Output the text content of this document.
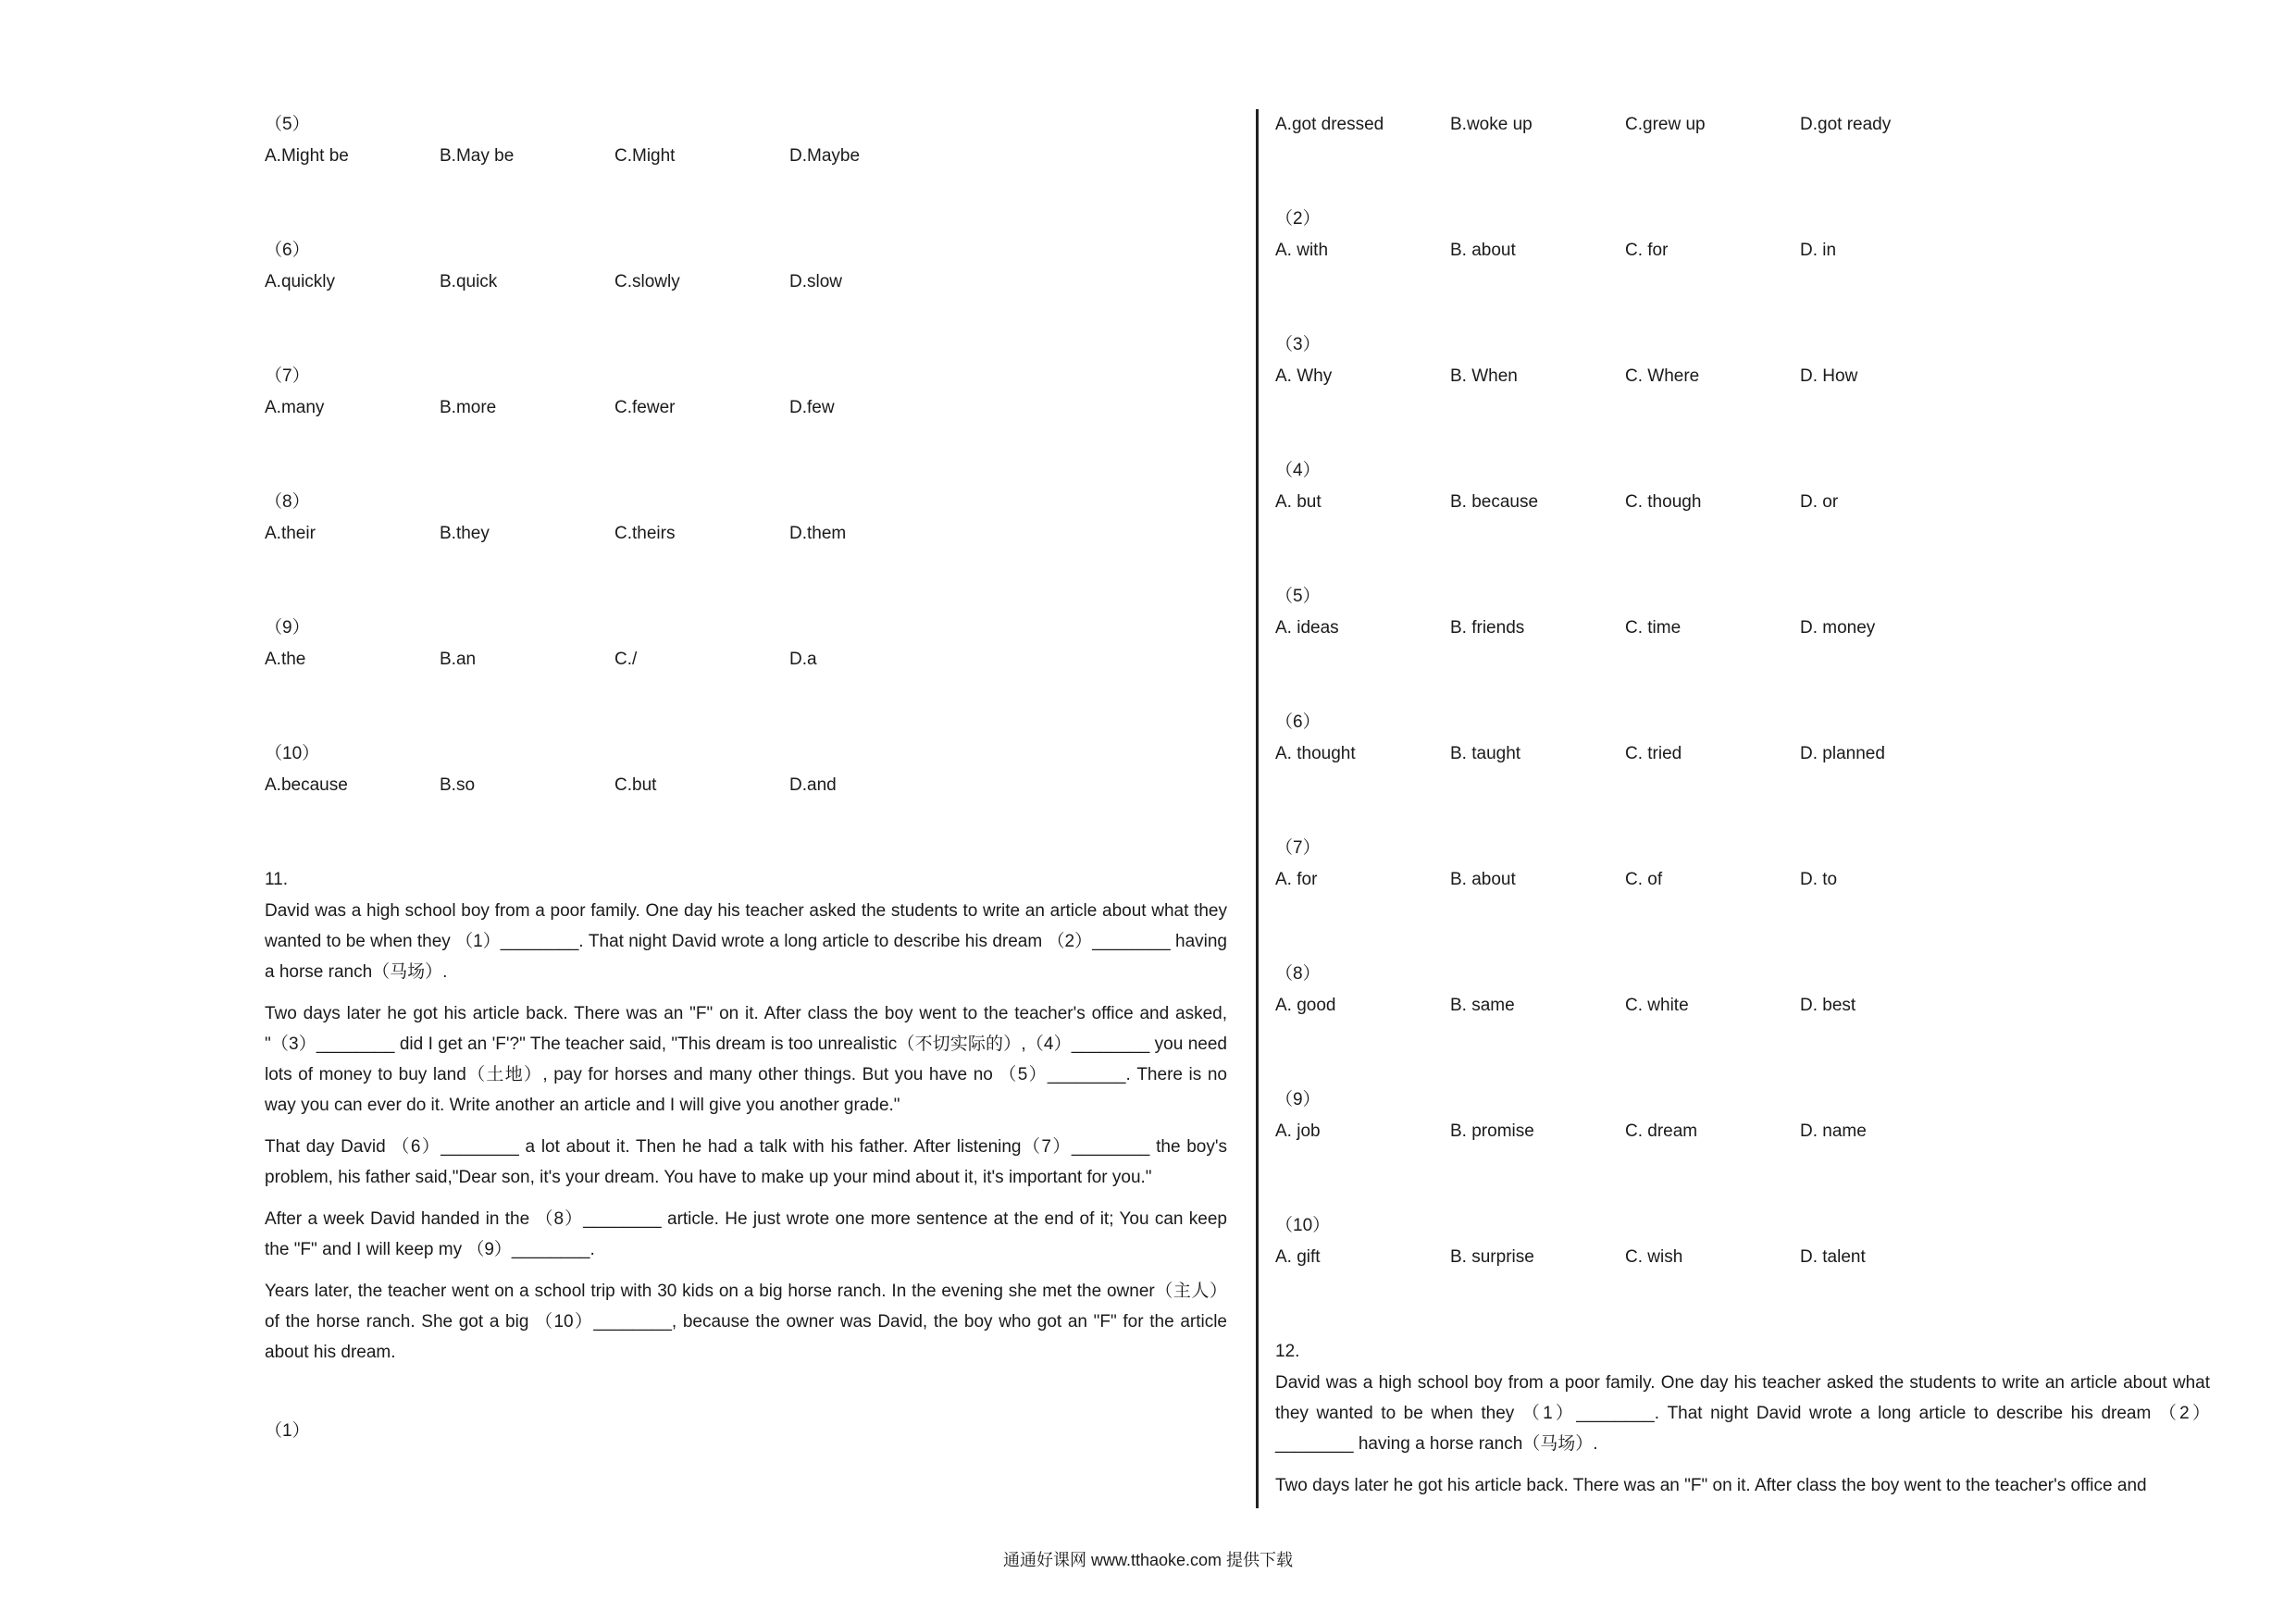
（5）
A.Might be	B.May be	C.Might	D.Maybe
（6）
A.quickly	B.quick	C.slowly	D.slow
（7）
A.many	B.more	C.fewer	D.few
（8）
A.their	B.they	C.theirs	D.them
（9）
A.the	B.an	C./	D.a
（10）
A.because	B.so	C.but	D.and
11.

David was a high school boy from a poor family. One day his teacher asked the students to write an article about what they wanted to be when they （1）________. That night David wrote a long article to describe his dream （2）________ having a horse ranch（马场）.

Two days later he got his article back. There was an "F" on it. After class the boy went to the teacher's office and asked, "（3）________ did I get an 'F'?" The teacher said, "This dream is too unrealistic（不切实际的）,（4）________ you need lots of money to buy land（土地）, pay for horses and many other things. But you have no （5）________. There is no way you can ever do it. Write another an article and I will give you another grade."

That day David （6）________ a lot about it. Then he had a talk with his father. After listening（7）________ the boy's problem, his father said,"Dear son, it's your dream. You have to make up your mind about it, it's important for you."

After a week David handed in the （8）________ article. He just wrote one more sentence at the end of it; You can keep the "F" and I will keep my （9）________.

Years later, the teacher went on a school trip with 30 kids on a big horse ranch. In the evening she met the owner（主人）of the horse ranch. She got a big （10）________, because the owner was David, the boy who got an "F" for the article about his dream.

（1）
A.got dressed	B.woke up	C.grew up	D.got ready
（2）
A. with	B. about	C. for	D. in
（3）
A. Why	B. When	C. Where	D. How
（4）
A. but	B. because	C. though	D. or
（5）
A. ideas	B. friends	C. time	D. money
（6）
A. thought	B. taught	C. tried	D. planned
（7）
A. for	B. about	C. of	D. to
（8）
A. good	B. same	C. white	D. best
（9）
A. job	B. promise	C. dream	D. name
（10）
A. gift	B. surprise	C. wish	D. talent
12.

David was a high school boy from a poor family. One day his teacher asked the students to write an article about what they wanted to be when they （1）________. That night David wrote a long article to describe his dream （2）________ having a horse ranch（马场）.

Two days later he got his article back. There was an "F" on it. After class the boy went to the teacher's office and

通通好课网 www.tthaoke.com 提供下载
